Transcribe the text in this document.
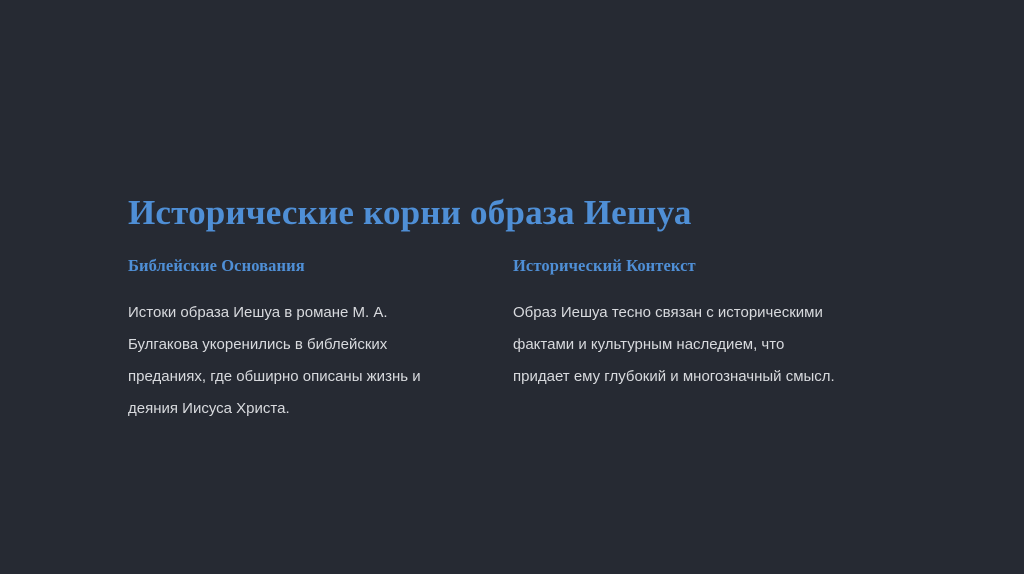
Исторические корни образа Иешуа
Библейские Основания

Истоки образа Иешуа в романе М. А. Булгакова укоренились в библейских преданиях, где обширно описаны жизнь и деяния Иисуса Христа.

Исторический Контекст

Образ Иешуа тесно связан с историческими фактами и культурным наследием, что придает ему глубокий и многозначный смысл.
